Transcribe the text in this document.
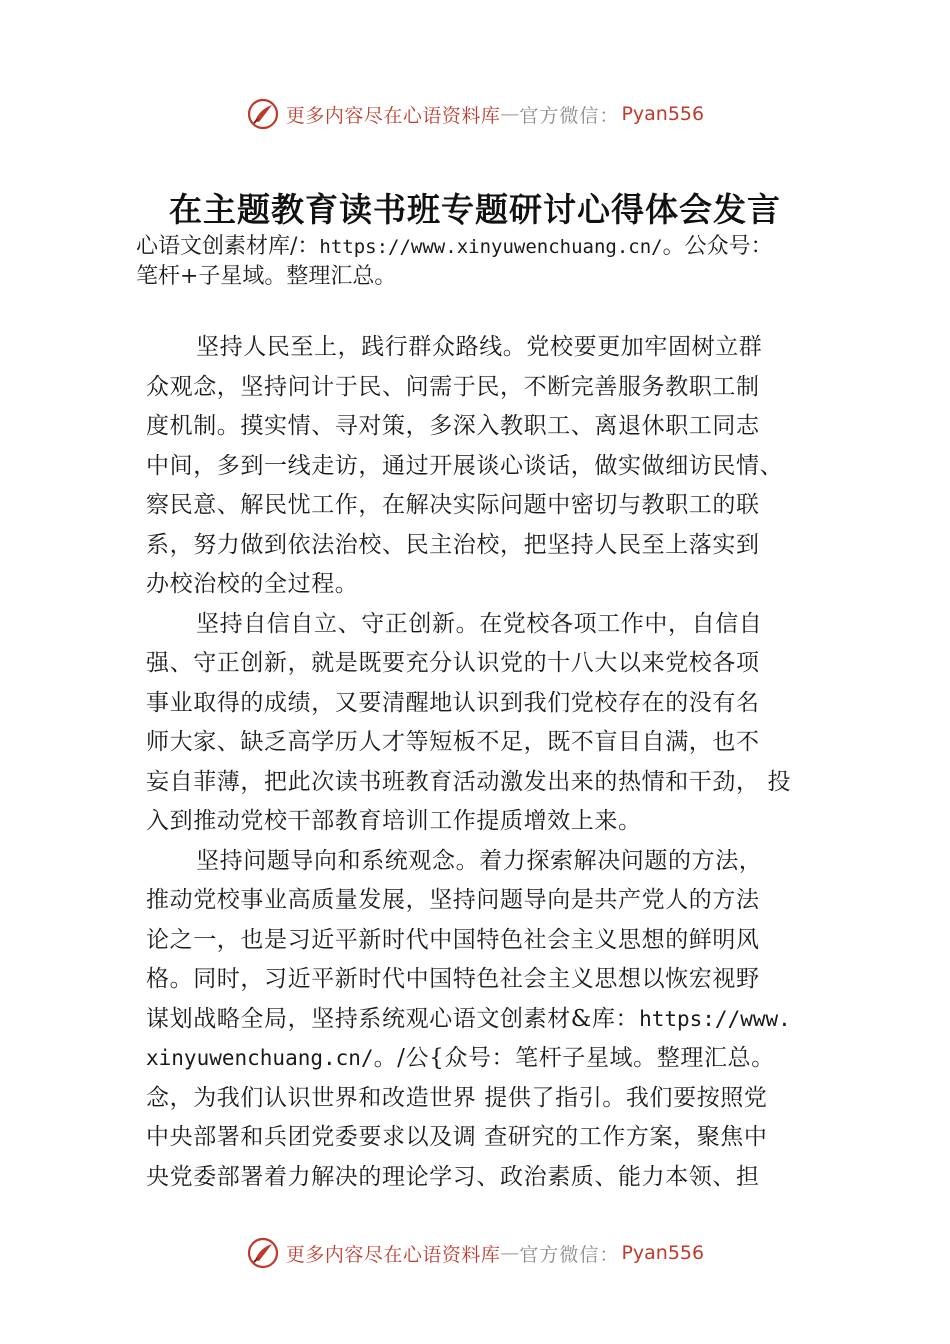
更多内容尽在心语资料库 — 官方微信： Pyan556
在主题教育读书班专题研讨心得体会发言
心语文创素材库/：https://www.xinyuwenchuang.cn/。公众号：
笔杆+子星域。整理汇总。
坚持人民至上，践行群众路线。党校要更加牢固树立群
众观念，坚持问计于民、问需于民，不断完善服务教职工制
度机制。摸实情、寻对策，多深入教职工、离退休职工同志
中间，多到一线走访，通过开展谈心谈话，做实做细访民情、
察民意、解民忧工作，在解决实际问题中密切与教职工的联
系，努力做到依法治校、民主治校，把坚持人民至上落实到
办校治校的全过程。
坚持自信自立、守正创新。在党校各项工作中，自信自
强、守正创新，就是既要充分认识党的十八大以来党校各项
事业取得的成绩，又要清醒地认识到我们党校存在的没有名
师大家、缺乏高学历人才等短板不足，既不盲目自满，也不
妄自菲薄，把此次读书班教育活动激发出来的热情和干劲， 投
入到推动党校干部教育培训工作提质增效上来。
坚持问题导向和系统观念。着力探索解决问题的方法，
推动党校事业高质量发展，坚持问题导向是共产党人的方法
论之一，也是习近平新时代中国特色社会主义思想的鲜明风
格。同时，习近平新时代中国特色社会主义思想以恢宏视野
谋划战略全局，坚持系统观心语文创素材&库：https://www.
xinyuwenchuang.cn/。/公{众号：笔杆子星域。整理汇总。
念，为我们认识世界和改造世界 提供了指引。我们要按照党
中央部署和兵团党委要求以及调 查研究的工作方案，聚焦中
央党委部署着力解决的理论学习、政治素质、能力本领、担
更多内容尽在心语资料库 — 官方微信： Pyan556
